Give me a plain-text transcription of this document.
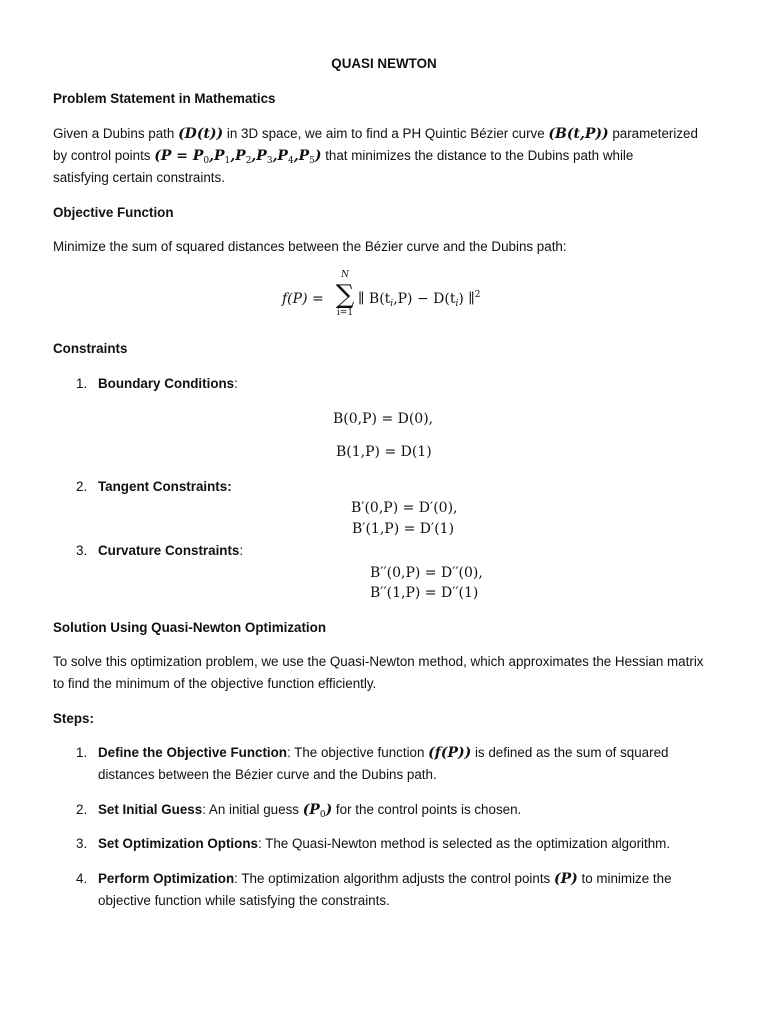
QUASI NEWTON
Problem Statement in Mathematics
Given a Dubins path (D(t)) in 3D space, we aim to find a PH Quintic Bézier curve (B(t,P)) parameterized
by control points $(P = P_0,P_1,P_2,P_3,P_4,P_5)$ that minimizes the distance to the Dubins path while
satisfying certain constraints.
Objective Function
Minimize the sum of squared distances between the Bézier curve and the Dubins path:
f(P) =
N
∑
i=1
∥ $B(t_i,P) - D(t_i)$ ∥$^2$
Constraints
1. Boundary Conditions:
B(0,P) = D(0),
B(1,P) = D(1)
2. Tangent Constraints:
B′(0,P) = D′(0),
B′(1,P) = D′(1)
3. Curvature Constraints:
B′′(0,P) = D′′(0),
B′′(1,P) = D′′(1)
Solution Using Quasi-Newton Optimization
To solve this optimization problem, we use the Quasi-Newton method, which approximates the Hessian matrix to find the minimum of the objective function efficiently.
Steps:
1. Define the Objective Function: The objective function (f(P)) is defined as the sum of squared distances between the Bézier curve and the Dubins path.
2. Set Initial Guess: An initial guess $(P_0)$ for the control points is chosen.
3. Set Optimization Options: The Quasi-Newton method is selected as the optimization algorithm.
4. Perform Optimization: The optimization algorithm adjusts the control points (P) to minimize the objective function while satisfying the constraints.
